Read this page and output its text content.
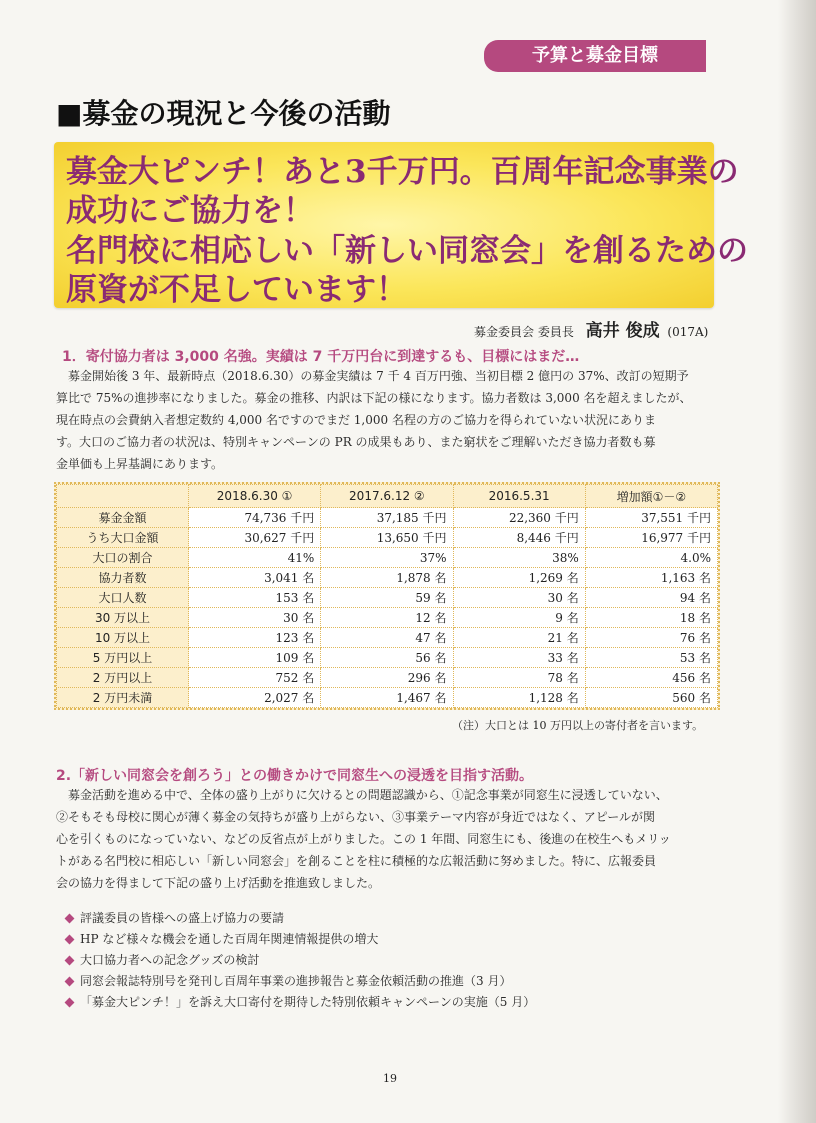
予算と募金目標
■募金の現況と今後の活動
募金大ピンチ！あと3千万円。百周年記念事業の
成功にご協力を！
名門校に相応しい「新しい同窓会」を創るための
原資が不足しています！
募金委員会 委員長 高井 俊成 (017A)
1．寄付協力者は 3,000 名強。実績は 7 千万円台に到達するも、目標にはまだ…
　募金開始後 3 年、最新時点（2018.6.30）の募金実績は 7 千 4 百万円強、当初目標 2 億円の 37%、改訂の短期予
算比で 75%の進捗率になりました。募金の推移、内訳は下記の様になります。協力者数は 3,000 名を超えましたが、
現在時点の会費納入者想定数約 4,000 名ですのでまだ 1,000 名程の方のご協力を得られていない状況にありま
す。大口のご協力者の状況は、特別キャンペーンの PR の成果もあり、また窮状をご理解いただき協力者数も募
金単価も上昇基調にあります。
	2018.6.30 ①	2017.6.12 ②	2016.5.31	増加額①－②
募金金額	74,736 千円	37,185 千円	22,360 千円	37,551 千円
うち大口金額	30,627 千円	13,650 千円	8,446 千円	16,977 千円
大口の割合	41%	37%	38%	4.0%
協力者数	3,041 名	1,878 名	1,269 名	1,163 名
大口人数	153 名	59 名	30 名	94 名
30 万以上	30 名	12 名	9 名	18 名
10 万以上	123 名	47 名	21 名	76 名
5 万円以上	109 名	56 名	33 名	53 名
2 万円以上	752 名	296 名	78 名	456 名
2 万円未満	2,027 名	1,467 名	1,128 名	560 名
（注）大口とは 10 万円以上の寄付者を言います。
2.「新しい同窓会を創ろう」との働きかけで同窓生への浸透を目指す活動。
　募金活動を進める中で、全体の盛り上がりに欠けるとの問題認識から、①記念事業が同窓生に浸透していない、
②そもそも母校に関心が薄く募金の気持ちが盛り上がらない、③事業テーマ内容が身近ではなく、アピールが関
心を引くものになっていない、などの反省点が上がりました。この 1 年間、同窓生にも、後進の在校生へもメリッ
トがある名門校に相応しい「新しい同窓会」を創ることを柱に積極的な広報活動に努めました。特に、広報委員
会の協力を得まして下記の盛り上げ活動を推進致しました。
評議委員の皆様への盛上げ協力の要請
HP など様々な機会を通した百周年関連情報提供の増大
大口協力者への記念グッズの検討
同窓会報誌特別号を発刊し百周年事業の進捗報告と募金依頼活動の推進（3 月）
「募金大ピンチ！」を訴え大口寄付を期待した特別依頼キャンペーンの実施（5 月）
19
